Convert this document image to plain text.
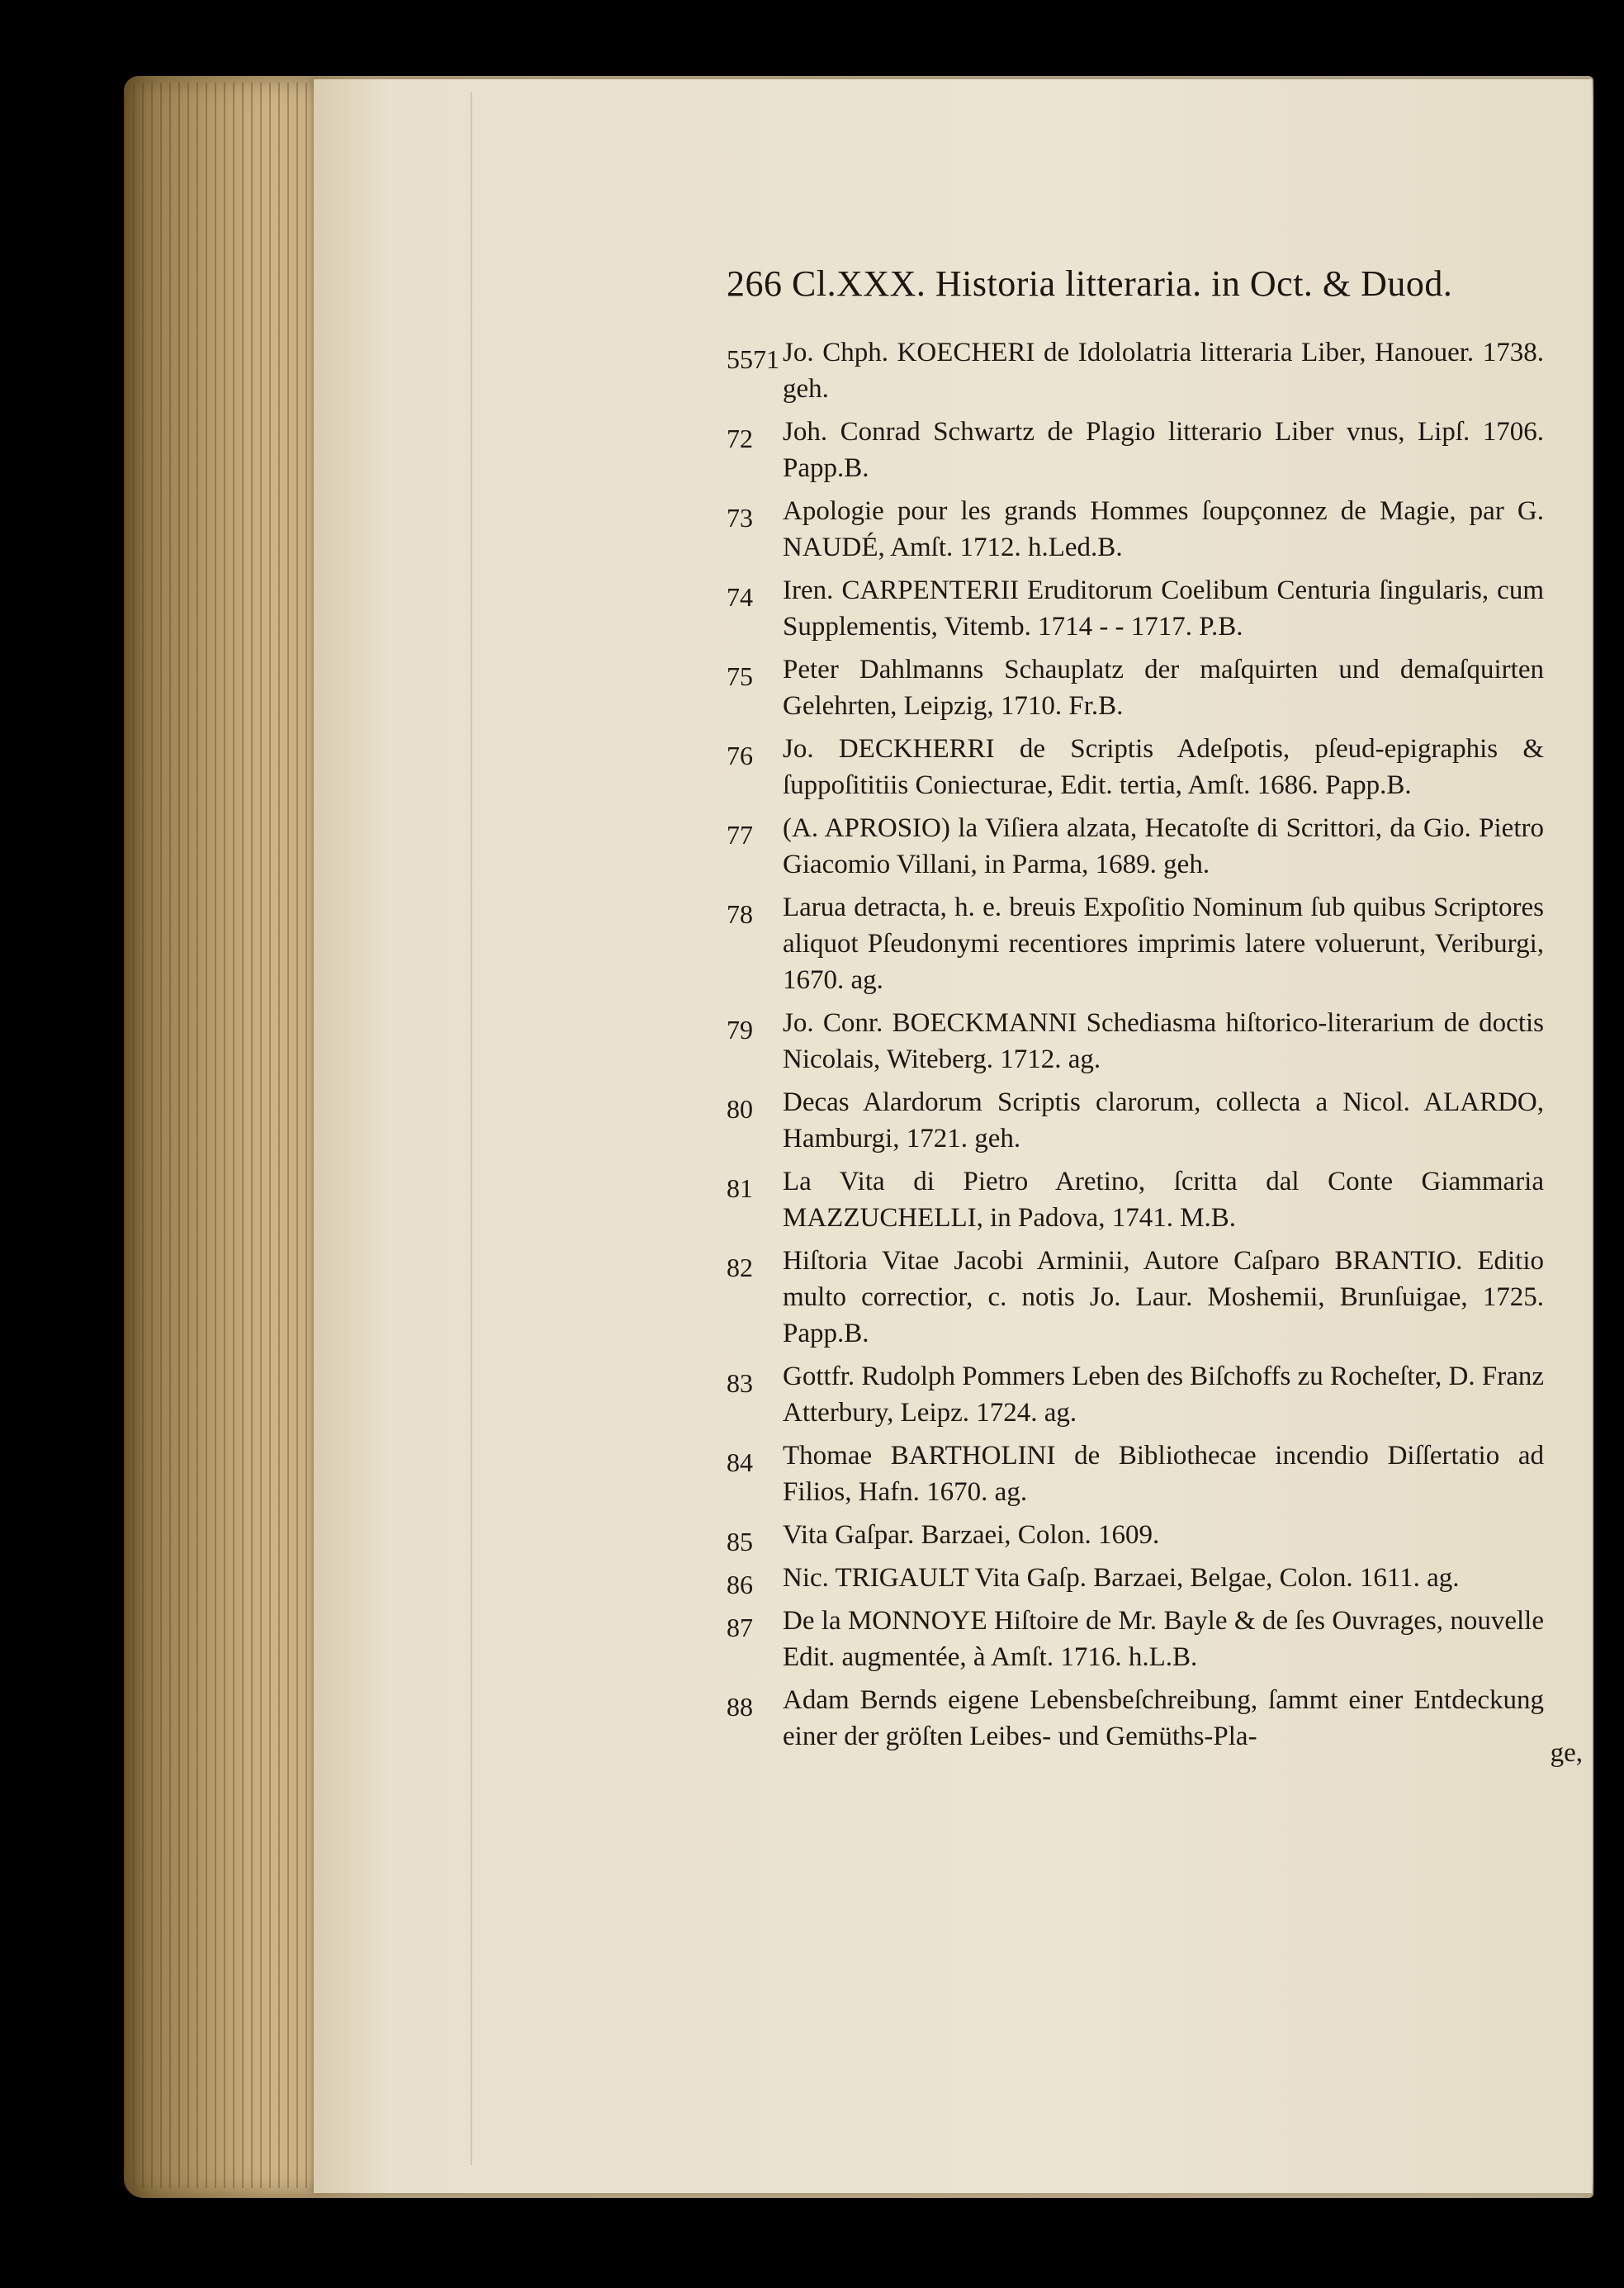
266 Cl.XXX. Historia litteraria. in Oct. & Duod.
5571 Jo. Chph. KOECHERI de Idololatria litteraria Liber, Hanouer. 1738. geh.
72	Joh. Conrad Schwartz de Plagio litterario Liber vnus, Lipſ. 1706. Papp.B.
73	Apologie pour les grands Hommes ſoupçonnez de Magie, par G. NAUDÉ, Amſt. 1712. h.Led.B.
74	Iren. CARPENTERII Eruditorum Coelibum Centuria ſingularis, cum Supplementis, Vitemb. 1714 - - 1717. P.B.
75	Peter Dahlmanns Schauplatz der maſquirten und demaſquirten Gelehrten, Leipzig, 1710. Fr.B.
76	Jo. DECKHERRI de Scriptis Adeſpotis, pſeud-epigraphis & ſuppoſititiis Coniecturae, Edit. tertia, Amſt. 1686. Papp.B.
77	(A. APROSIO) la Viſiera alzata, Hecatoſte di Scrittori, da Gio. Pietro Giacomio Villani, in Parma, 1689. geh.
78	Larua detracta, h. e. breuis Expoſitio Nominum ſub quibus Scriptores aliquot Pſeudonymi recentiores imprimis latere voluerunt, Veriburgi, 1670. ag.
79	Jo. Conr. BOECKMANNI Schediasma hiſtorico-literarium de doctis Nicolais, Witeberg. 1712. ag.
80	Decas Alardorum Scriptis clarorum, collecta a Nicol. ALARDO, Hamburgi, 1721. geh.
81	La Vita di Pietro Aretino, ſcritta dal Conte Giammaria MAZZUCHELLI, in Padova, 1741. M.B.
82	Hiſtoria Vitae Jacobi Arminii, Autore Caſparo BRANTIO. Editio multo correctior, c. notis Jo. Laur. Moshemii, Brunſuigae, 1725. Papp.B.
83	Gottfr. Rudolph Pommers Leben des Biſchoffs zu Rocheſter, D. Franz Atterbury, Leipz. 1724. ag.
84	Thomae BARTHOLINI de Bibliothecae incendio Diſſertatio ad Filios, Hafn. 1670. ag.
85	Vita Gaſpar. Barzaei, Colon. 1609.
86	Nic. TRIGAULT Vita Gaſp. Barzaei, Belgae, Colon. 1611. ag.
87	De la MONNOYE Hiſtoire de Mr. Bayle & de ſes Ouvrages, nouvelle Edit. augmentée, à Amſt. 1716. h.L.B.
88	Adam Bernds eigene Lebensbeſchreibung, ſammt einer Entdeckung einer der gröſten Leibes- und Gemüths-Pla-
ge,
